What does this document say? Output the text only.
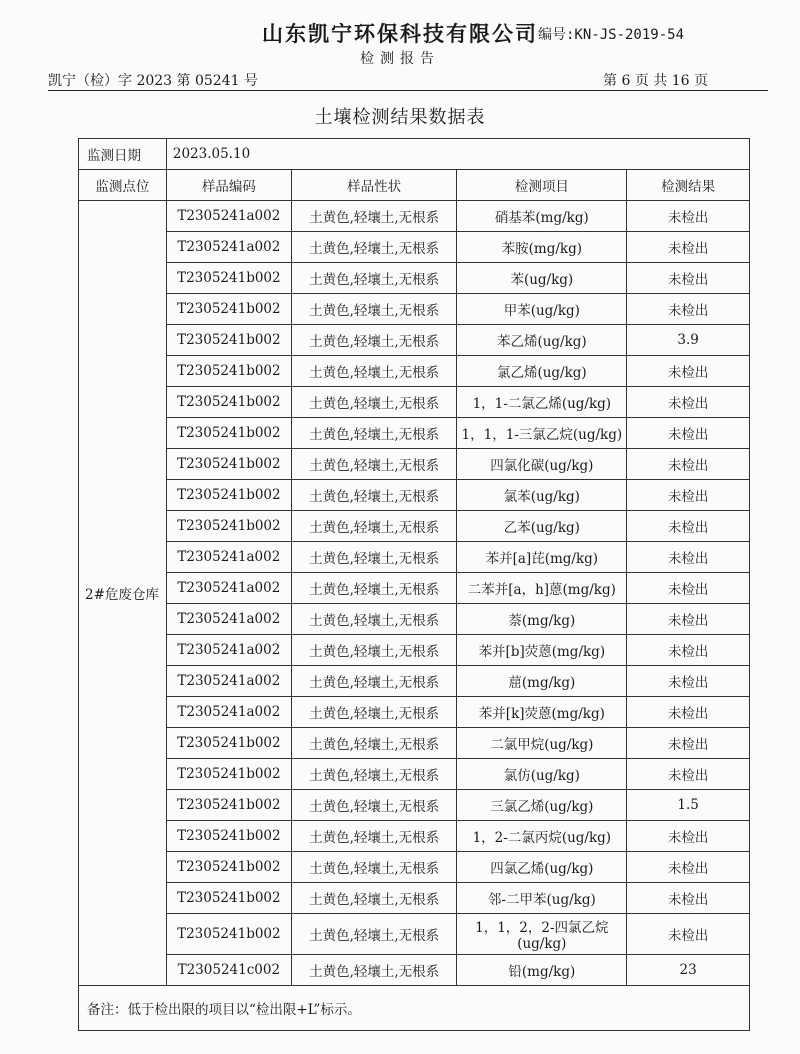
山东凯宁环保科技有限公司 编号:KN-JS-2019-54
检测报告
凯宁（检）字 2023 第 05241 号	第 6 页 共 16 页
土壤检测结果数据表
监测日期	2023.05.10			
监测点位	样品编码	样品性状	检测项目	检测结果
2#危废仓库	T2305241a002	土黄色,轻壤土,无根系	硝基苯(mg/kg)	未检出
	T2305241a002	土黄色,轻壤土,无根系	苯胺(mg/kg)	未检出
	T2305241b002	土黄色,轻壤土,无根系	苯(ug/kg)	未检出
	T2305241b002	土黄色,轻壤土,无根系	甲苯(ug/kg)	未检出
	T2305241b002	土黄色,轻壤土,无根系	苯乙烯(ug/kg)	3.9
	T2305241b002	土黄色,轻壤土,无根系	氯乙烯(ug/kg)	未检出
	T2305241b002	土黄色,轻壤土,无根系	1，1-二氯乙烯(ug/kg)	未检出
	T2305241b002	土黄色,轻壤土,无根系	1，1，1-三氯乙烷(ug/kg)	未检出
	T2305241b002	土黄色,轻壤土,无根系	四氯化碳(ug/kg)	未检出
	T2305241b002	土黄色,轻壤土,无根系	氯苯(ug/kg)	未检出
	T2305241b002	土黄色,轻壤土,无根系	乙苯(ug/kg)	未检出
	T2305241a002	土黄色,轻壤土,无根系	苯并[a]芘(mg/kg)	未检出
	T2305241a002	土黄色,轻壤土,无根系	二苯并[a，h]蒽(mg/kg)	未检出
	T2305241a002	土黄色,轻壤土,无根系	萘(mg/kg)	未检出
	T2305241a002	土黄色,轻壤土,无根系	苯并[b]荧蒽(mg/kg)	未检出
	T2305241a002	土黄色,轻壤土,无根系	䓛(mg/kg)	未检出
	T2305241a002	土黄色,轻壤土,无根系	苯并[k]荧蒽(mg/kg)	未检出
	T2305241b002	土黄色,轻壤土,无根系	二氯甲烷(ug/kg)	未检出
	T2305241b002	土黄色,轻壤土,无根系	氯仿(ug/kg)	未检出
	T2305241b002	土黄色,轻壤土,无根系	三氯乙烯(ug/kg)	1.5
	T2305241b002	土黄色,轻壤土,无根系	1，2-二氯丙烷(ug/kg)	未检出
	T2305241b002	土黄色,轻壤土,无根系	四氯乙烯(ug/kg)	未检出
	T2305241b002	土黄色,轻壤土,无根系	邻-二甲苯(ug/kg)	未检出
	T2305241b002	土黄色,轻壤土,无根系	1，1，2，2-四氯乙烷(ug/kg)	未检出
	T2305241c002	土黄色,轻壤土,无根系	铅(mg/kg)	23
备注：低于检出限的项目以“检出限+L”标示。				
